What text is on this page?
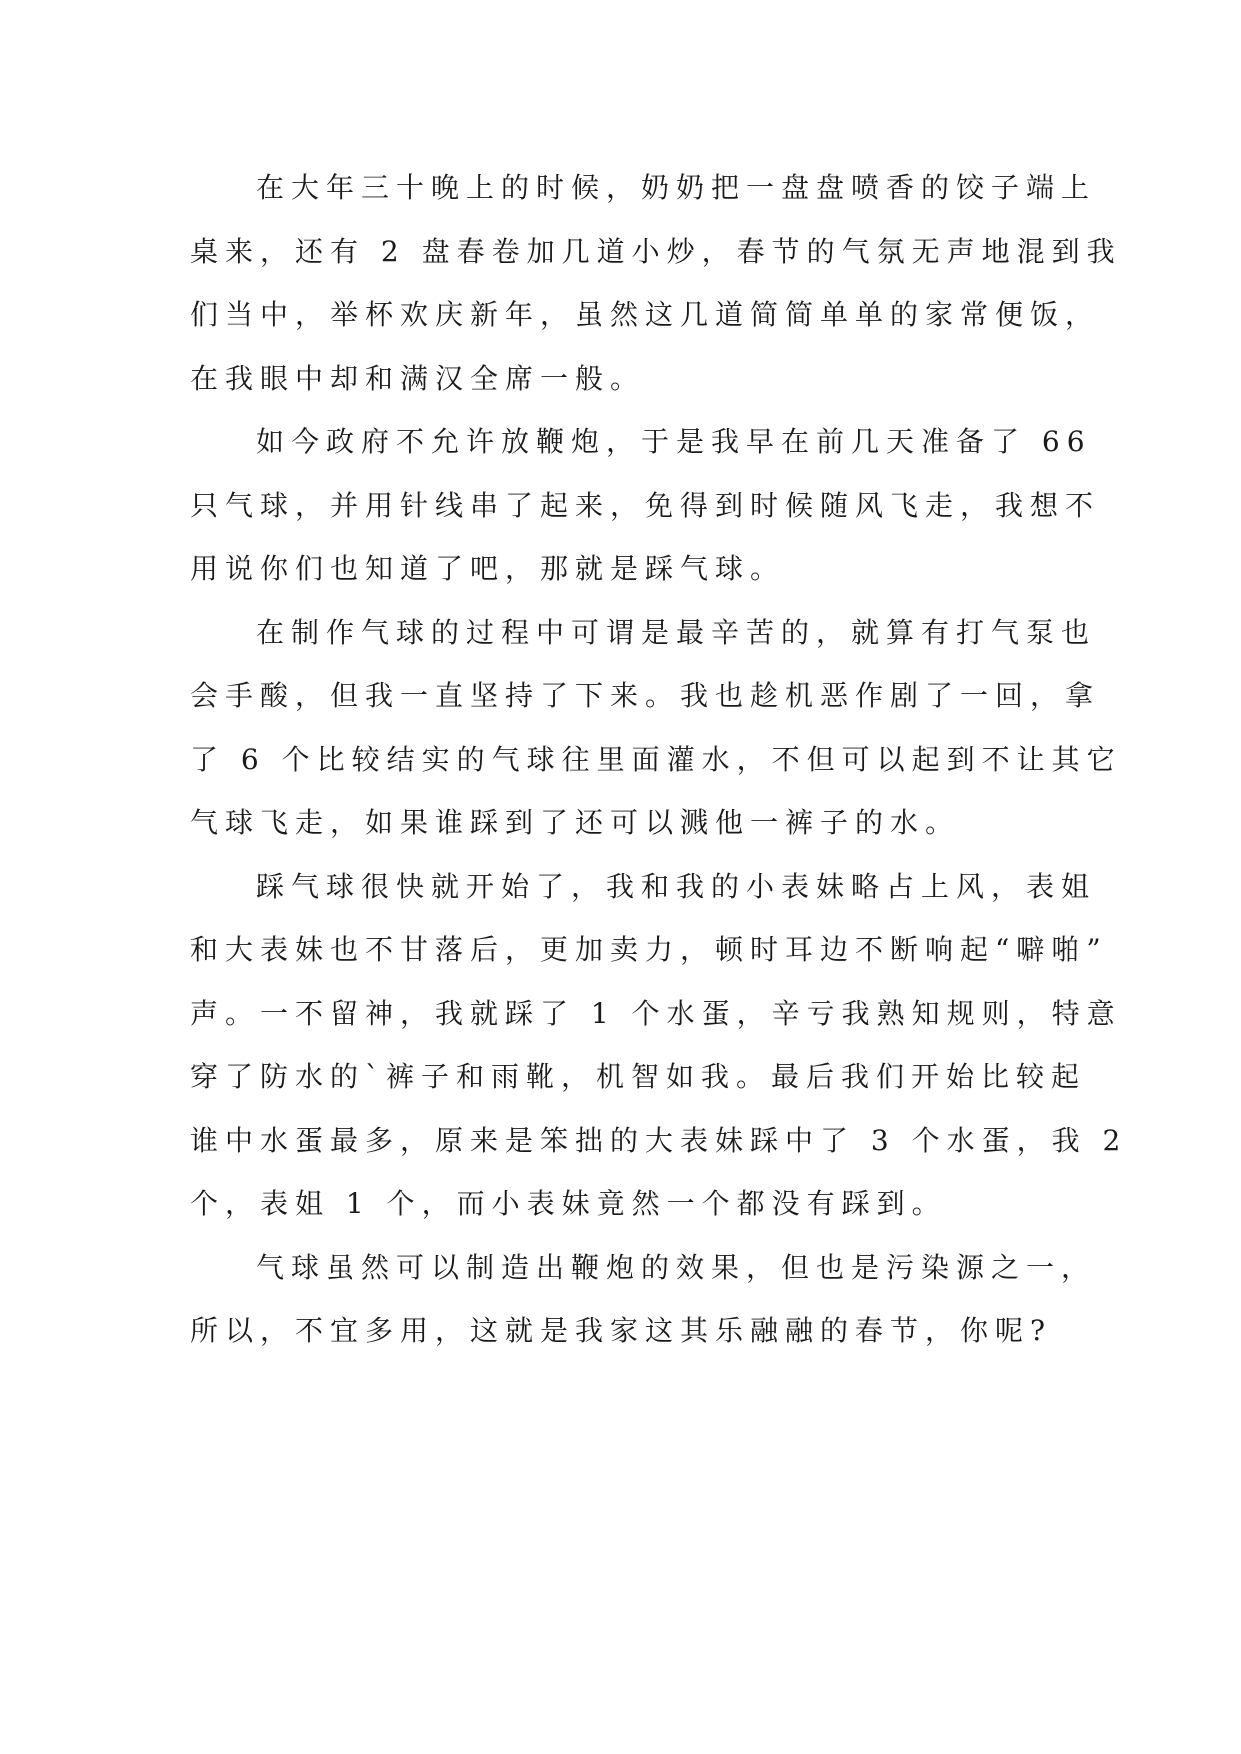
在大年三十晚上的时候，奶奶把一盘盘喷香的饺子端上
桌来，还有 2 盘春卷加几道小炒，春节的气氛无声地混到我
们当中，举杯欢庆新年，虽然这几道简简单单的家常便饭，
在我眼中却和满汉全席一般。
如今政府不允许放鞭炮，于是我早在前几天准备了 66
只气球，并用针线串了起来，免得到时候随风飞走，我想不
用说你们也知道了吧，那就是踩气球。
在制作气球的过程中可谓是最辛苦的，就算有打气泵也
会手酸，但我一直坚持了下来。我也趁机恶作剧了一回，拿
了 6 个比较结实的气球往里面灌水，不但可以起到不让其它
气球飞走，如果谁踩到了还可以溅他一裤子的水。
踩气球很快就开始了，我和我的小表妹略占上风，表姐
和大表妹也不甘落后，更加卖力，顿时耳边不断响起“噼啪”
声。一不留神，我就踩了 1 个水蛋，辛亏我熟知规则，特意
穿了防水的`裤子和雨靴，机智如我。最后我们开始比较起
谁中水蛋最多，原来是笨拙的大表妹踩中了 3 个水蛋，我 2
个，表姐 1 个，而小表妹竟然一个都没有踩到。
气球虽然可以制造出鞭炮的效果，但也是污染源之一，
所以，不宜多用，这就是我家这其乐融融的春节，你呢?
